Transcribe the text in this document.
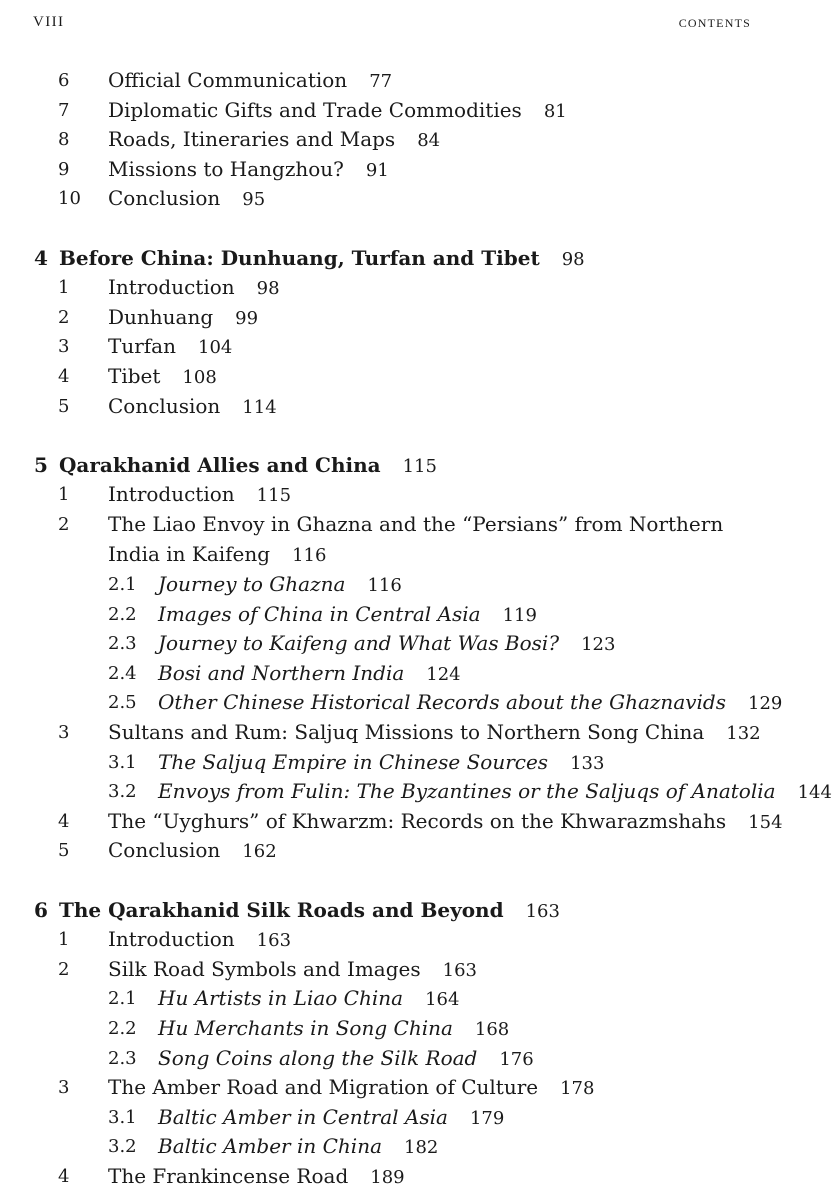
VIII	contents
6 Official Communication 77
7 Diplomatic Gifts and Trade Commodities 81
8 Roads, Itineraries and Maps 84
9 Missions to Hangzhou? 91
10 Conclusion 95
4 Before China: Dunhuang, Turfan and Tibet 98
1 Introduction 98
2 Dunhuang 99
3 Turfan 104
4 Tibet 108
5 Conclusion 114
5 Qarakhanid Allies and China 115
1 Introduction 115
2 The Liao Envoy in Ghazna and the “Persians” from Northern India in Kaifeng 116
2.1 Journey to Ghazna 116
2.2 Images of China in Central Asia 119
2.3 Journey to Kaifeng and What Was Bosi? 123
2.4 Bosi and Northern India 124
2.5 Other Chinese Historical Records about the Ghaznavids 129
3 Sultans and Rum: Saljuq Missions to Northern Song China 132
3.1 The Saljuq Empire in Chinese Sources 133
3.2 Envoys from Fulin: The Byzantines or the Saljuqs of Anatolia 144
4 The “Uyghurs” of Khwarzm: Records on the Khwarazmshahs 154
5 Conclusion 162
6 The Qarakhanid Silk Roads and Beyond 163
1 Introduction 163
2 Silk Road Symbols and Images 163
2.1 Hu Artists in Liao China 164
2.2 Hu Merchants in Song China 168
2.3 Song Coins along the Silk Road 176
3 The Amber Road and Migration of Culture 178
3.1 Baltic Amber in Central Asia 179
3.2 Baltic Amber in China 182
4 The Frankincense Road 189
